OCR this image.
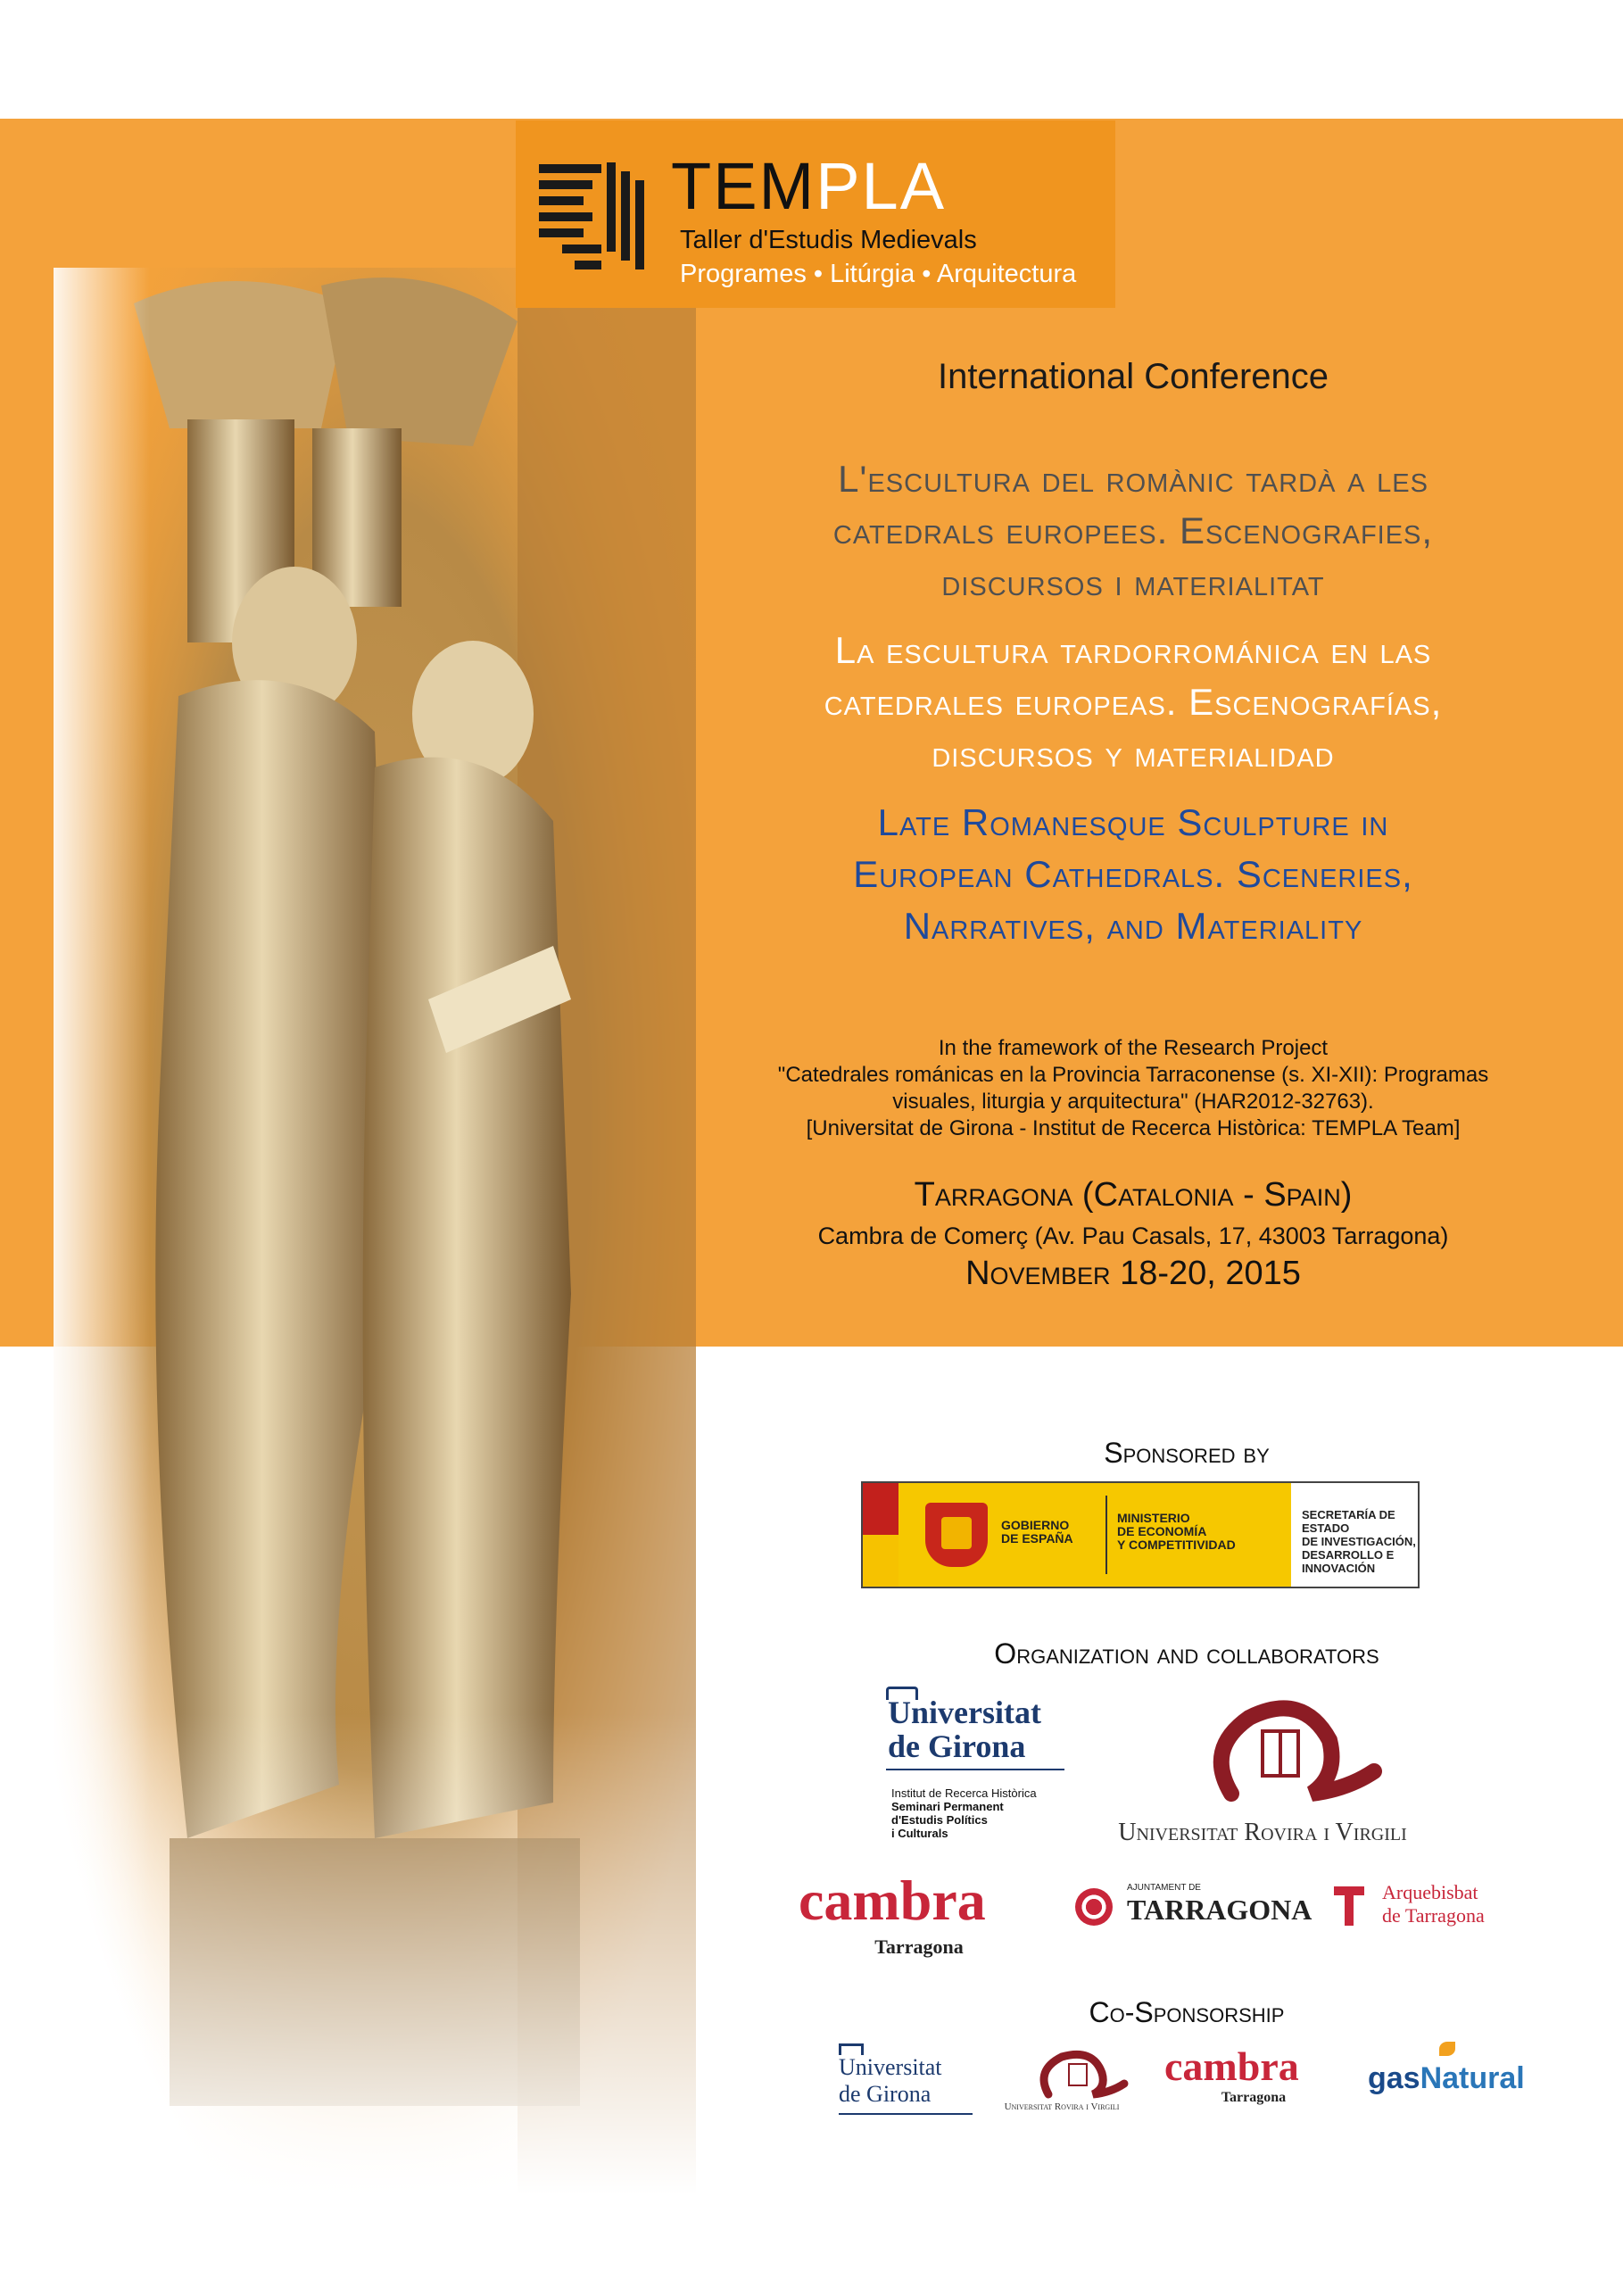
TEMPLA
Taller d'Estudis Medievals
Programes • Litúrgia • Arquitectura
International Conference
L'escultura del romànic tardà a les
catedrals europees. Escenografies,
discursos i materialitat
La escultura tardorrománica en las
catedrales europeas. Escenografías,
discursos y materialidad
Late Romanesque Sculpture in
European Cathedrals. Sceneries,
Narratives, and Materiality
In the framework of the Research Project
"Catedrales románicas en la Provincia Tarraconense (s. XI-XII): Programas
visuales, liturgia y arquitectura" (HAR2012-32763).
[Universitat de Girona - Institut de Recerca Històrica: TEMPLA Team]
Tarragona (Catalonia - Spain)
Cambra de Comerç (Av. Pau Casals, 17, 43003 Tarragona)
November 18-20, 2015
Sponsored by
GOBIERNO
DE ESPAÑA
MINISTERIO
DE ECONOMÍA
Y COMPETITIVIDAD
SECRETARÍA DE ESTADO
DE INVESTIGACIÓN,
DESARROLLO E
INNOVACIÓN
Organization and collaborators
Universitat
de Girona
Institut de Recerca Històrica
Seminari Permanent
d'Estudis Polítics
i Culturals	Universitat Rovira i Virgili
cambra
Tarragona
AJUNTAMENT DE
TARRAGONA
Arquebisbat
de Tarragona
Co-Sponsorship
Universitat
de Girona	Universitat Rovira i Virgili
cambra
Tarragona
gasNatural
